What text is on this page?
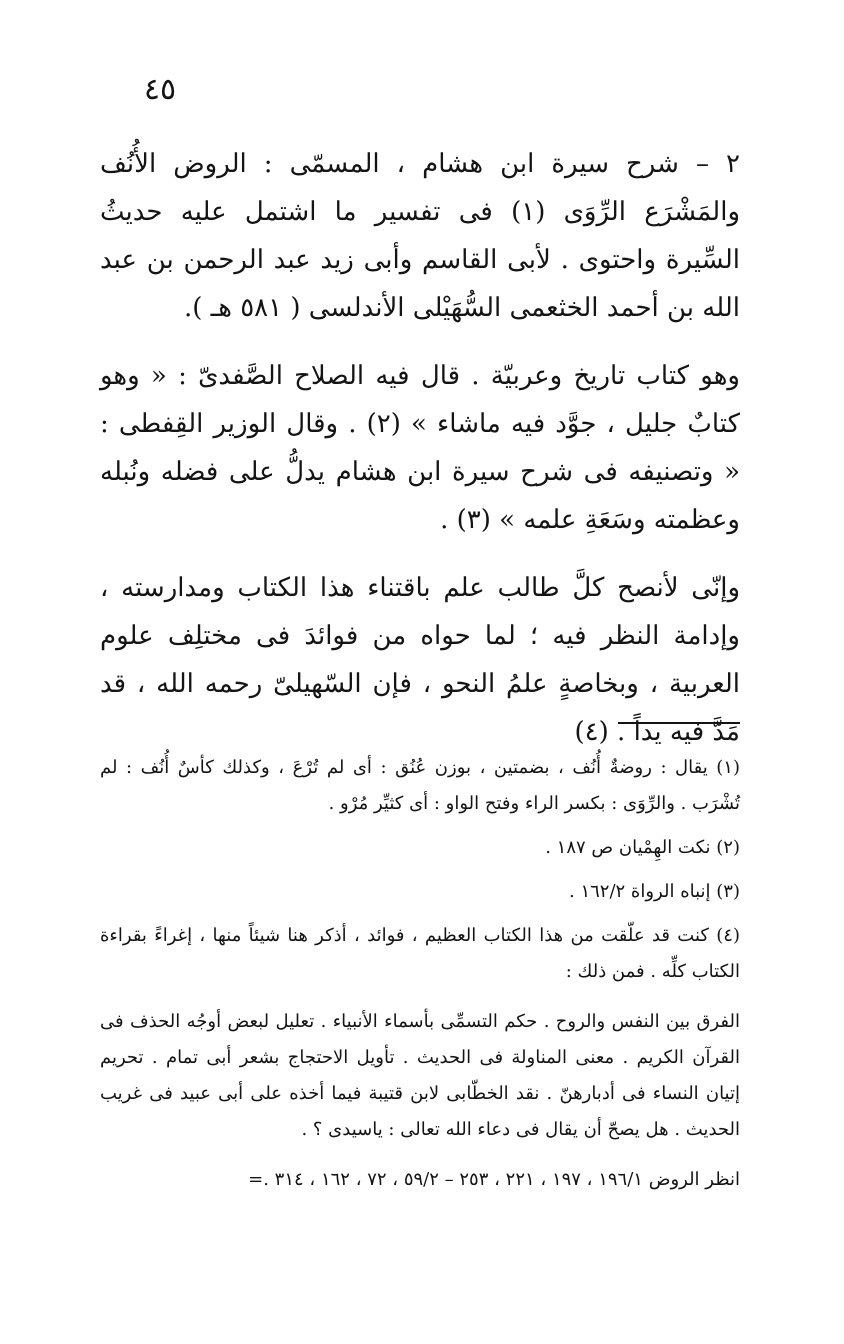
٤٥

٢ – شرح سيرة ابن هشام ، المسمّى : الروض الأُنُف والمَشْرَع الرِّوَى (١) فى تفسير ما اشتمل عليه حديثُ السِّيرة واحتوى . لأبى القاسم وأبى زيد عبد الرحمن بن عبد الله بن أحمد الخثعمى السُّهَيْلى الأندلسى ( ٥٨١ هـ ).

وهو كتاب تاريخ وعربيّة . قال فيه الصلاح الصَّفدىّ : « وهو كتابٌ جليل ، جوَّد فيه ماشاء » (٢) . وقال الوزير القِفطى : « وتصنيفه فى شرح سيرة ابن هشام يدلُّ على فضله ونُبله وعظمته وسَعَةِ علمه » (٣) .

وإنّى لأنصح كلَّ طالب علم باقتناء هذا الكتاب ومدارسته ، وإدامة النظر فيه ؛ لما حواه من فوائدَ فى مختلِف علوم العربية ، وبخاصةٍ علمُ النحو ، فإن السّهيلىّ رحمه الله ، قد مَدَّ فيه يداً . (٤)

(١) يقال : روضةٌ أُنُف ، بضمتين ، بوزن عُنُق : أى لم تُرْعَ ، وكذلك كأسٌ أُنُف : لم تُشْرَب . والرِّوَى : بكسر الراء وفتح الواو : أى كثيِّر مُرْو .

(٢) نكت الهِمْيان ص ١٨٧ .

(٣) إنباه الرواة ١٦٢/٢ .

(٤) كنت قد علّقت من هذا الكتاب العظيم ، فوائد ، أذكر هنا شيئاً منها ، إغراءً بقراءة الكتاب كلِّه . فمن ذلك :

الفرق بين النفس والروح . حكم التسمِّى بأسماء الأنبياء . تعليل لبعض أوجُه الحذف فى القرآن الكريم . معنى المناولة فى الحديث . تأويل الاحتجاج بشعر أبى تمام . تحريم إتيان النساء فى أدبارهنّ . نقد الخطّابى لابن قتيبة فيما أخذه على أبى عبيد فى غريب الحديث . هل يصحّ أن يقال فى دعاء الله تعالى : ياسيدى ؟ .

انظر الروض ١٩٦/١ ، ١٩٧ ، ٢٢١ ، ٢٥٣ – ٥٩/٢ ، ٧٢ ، ١٦٢ ، ٣١٤ .=
